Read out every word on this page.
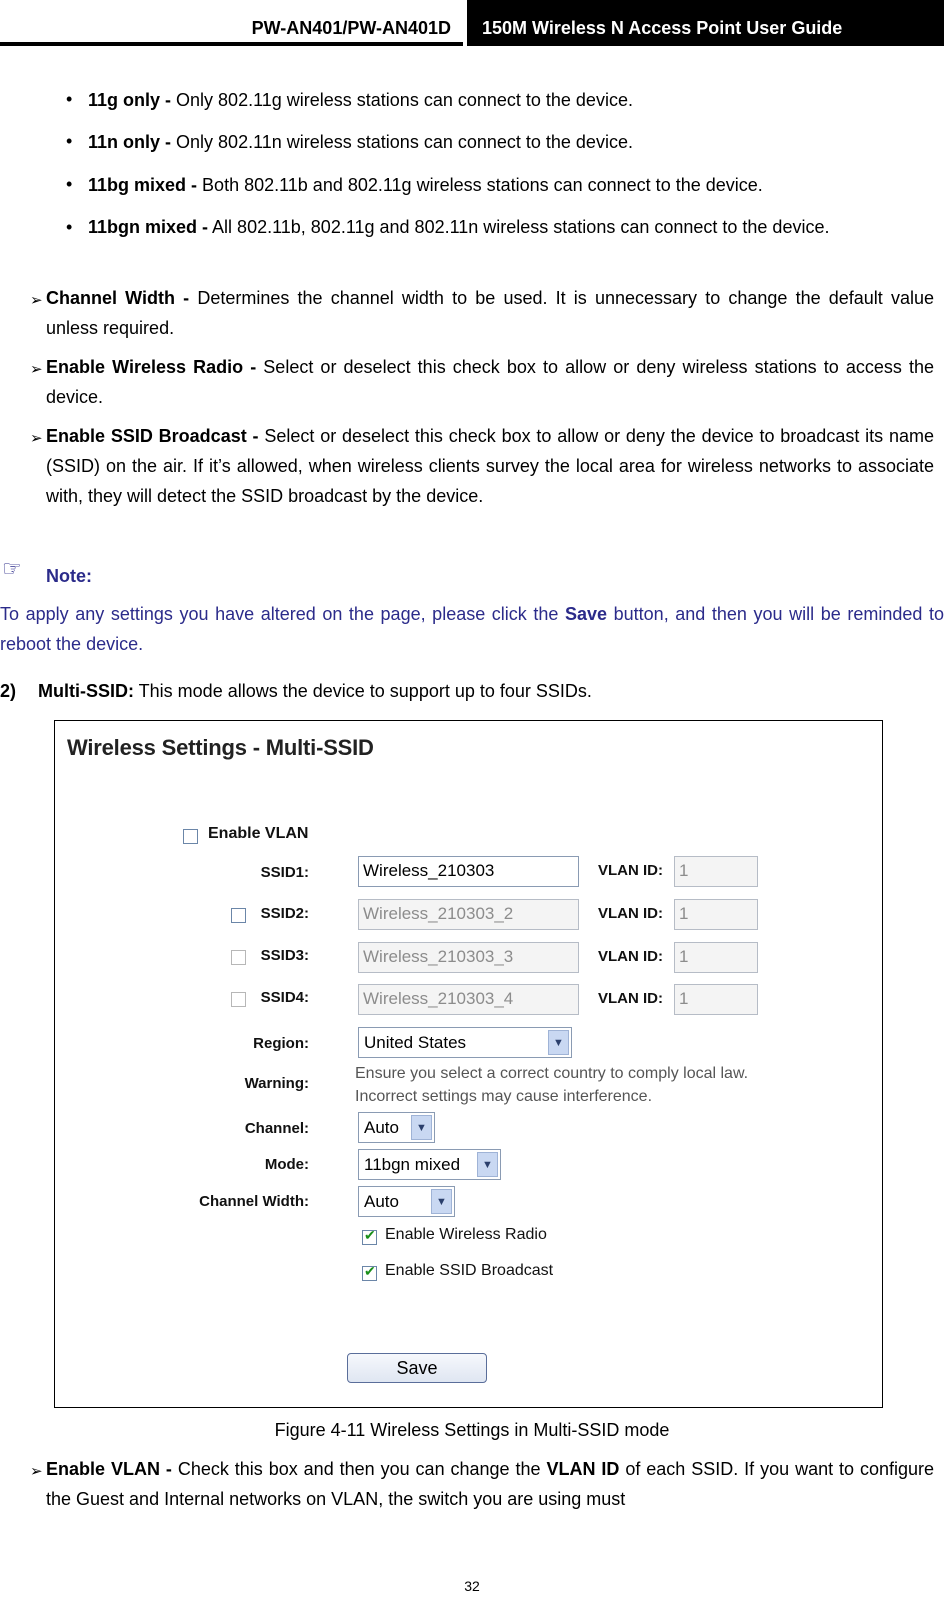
PW-AN401/PW-AN401D 150M Wireless N Access Point User Guide
• 11g only - Only 802.11g wireless stations can connect to the device.
• 11n only - Only 802.11n wireless stations can connect to the device.
• 11bg mixed - Both 802.11b and 802.11g wireless stations can connect to the device.
• 11bgn mixed - All 802.11b, 802.11g and 802.11n wireless stations can connect to the device.
➢ Channel Width - Determines the channel width to be used. It is unnecessary to change the default value unless required.
➢ Enable Wireless Radio - Select or deselect this check box to allow or deny wireless stations to access the device.
➢ Enable SSID Broadcast - Select or deselect this check box to allow or deny the device to broadcast its name (SSID) on the air. If it’s allowed, when wireless clients survey the local area for wireless networks to associate with, they will detect the SSID broadcast by the device.
☞ Note:
To apply any settings you have altered on the page, please click the Save button, and then you will be reminded to reboot the device.
2) Multi-SSID: This mode allows the device to support up to four SSIDs.
Wireless Settings - Multi-SSID
Enable VLAN
SSID1:	Wireless_210303	VLAN ID: 1
SSID2:	Wireless_210303_2	VLAN ID: 1
SSID3:	Wireless_210303_3	VLAN ID: 1
SSID4:	Wireless_210303_4	VLAN ID: 1
Region:	United States	▼
Warning:
Ensure you select a correct country to comply local law.
Incorrect settings may cause interference.
Channel:	Auto	▼
Mode:	11bgn mixed	▼
Channel Width:	Auto	▼
✔
Enable Wireless Radio
✔
Enable SSID Broadcast
Save
Figure 4-11 Wireless Settings in Multi-SSID mode
➢ Enable VLAN - Check this box and then you can change the VLAN ID of each SSID. If you want to configure the Guest and Internal networks on VLAN, the switch you are using must
32
